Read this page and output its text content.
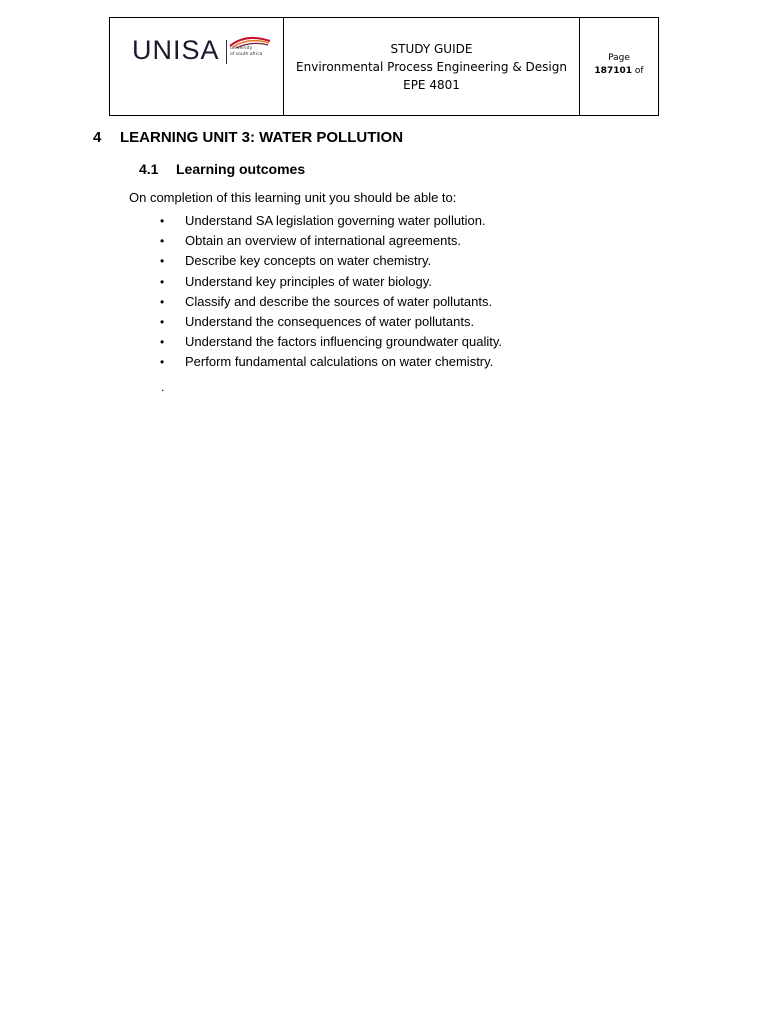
UNISA university
of south africa	STUDY GUIDE
Environmental Process Engineering & Design
EPE 4801
Page
187101 of
4	LEARNING UNIT 3: WATER POLLUTION
4.1	Learning outcomes
On completion of this learning unit you should be able to:
•	Understand SA legislation governing water pollution.
•	Obtain an overview of international agreements.
•	Describe key concepts on water chemistry.
•	Understand key principles of water biology.
•	Classify and describe the sources of water pollutants.
•	Understand the consequences of water pollutants.
•	Understand the factors influencing groundwater quality.
•	Perform fundamental calculations on water chemistry.
.
